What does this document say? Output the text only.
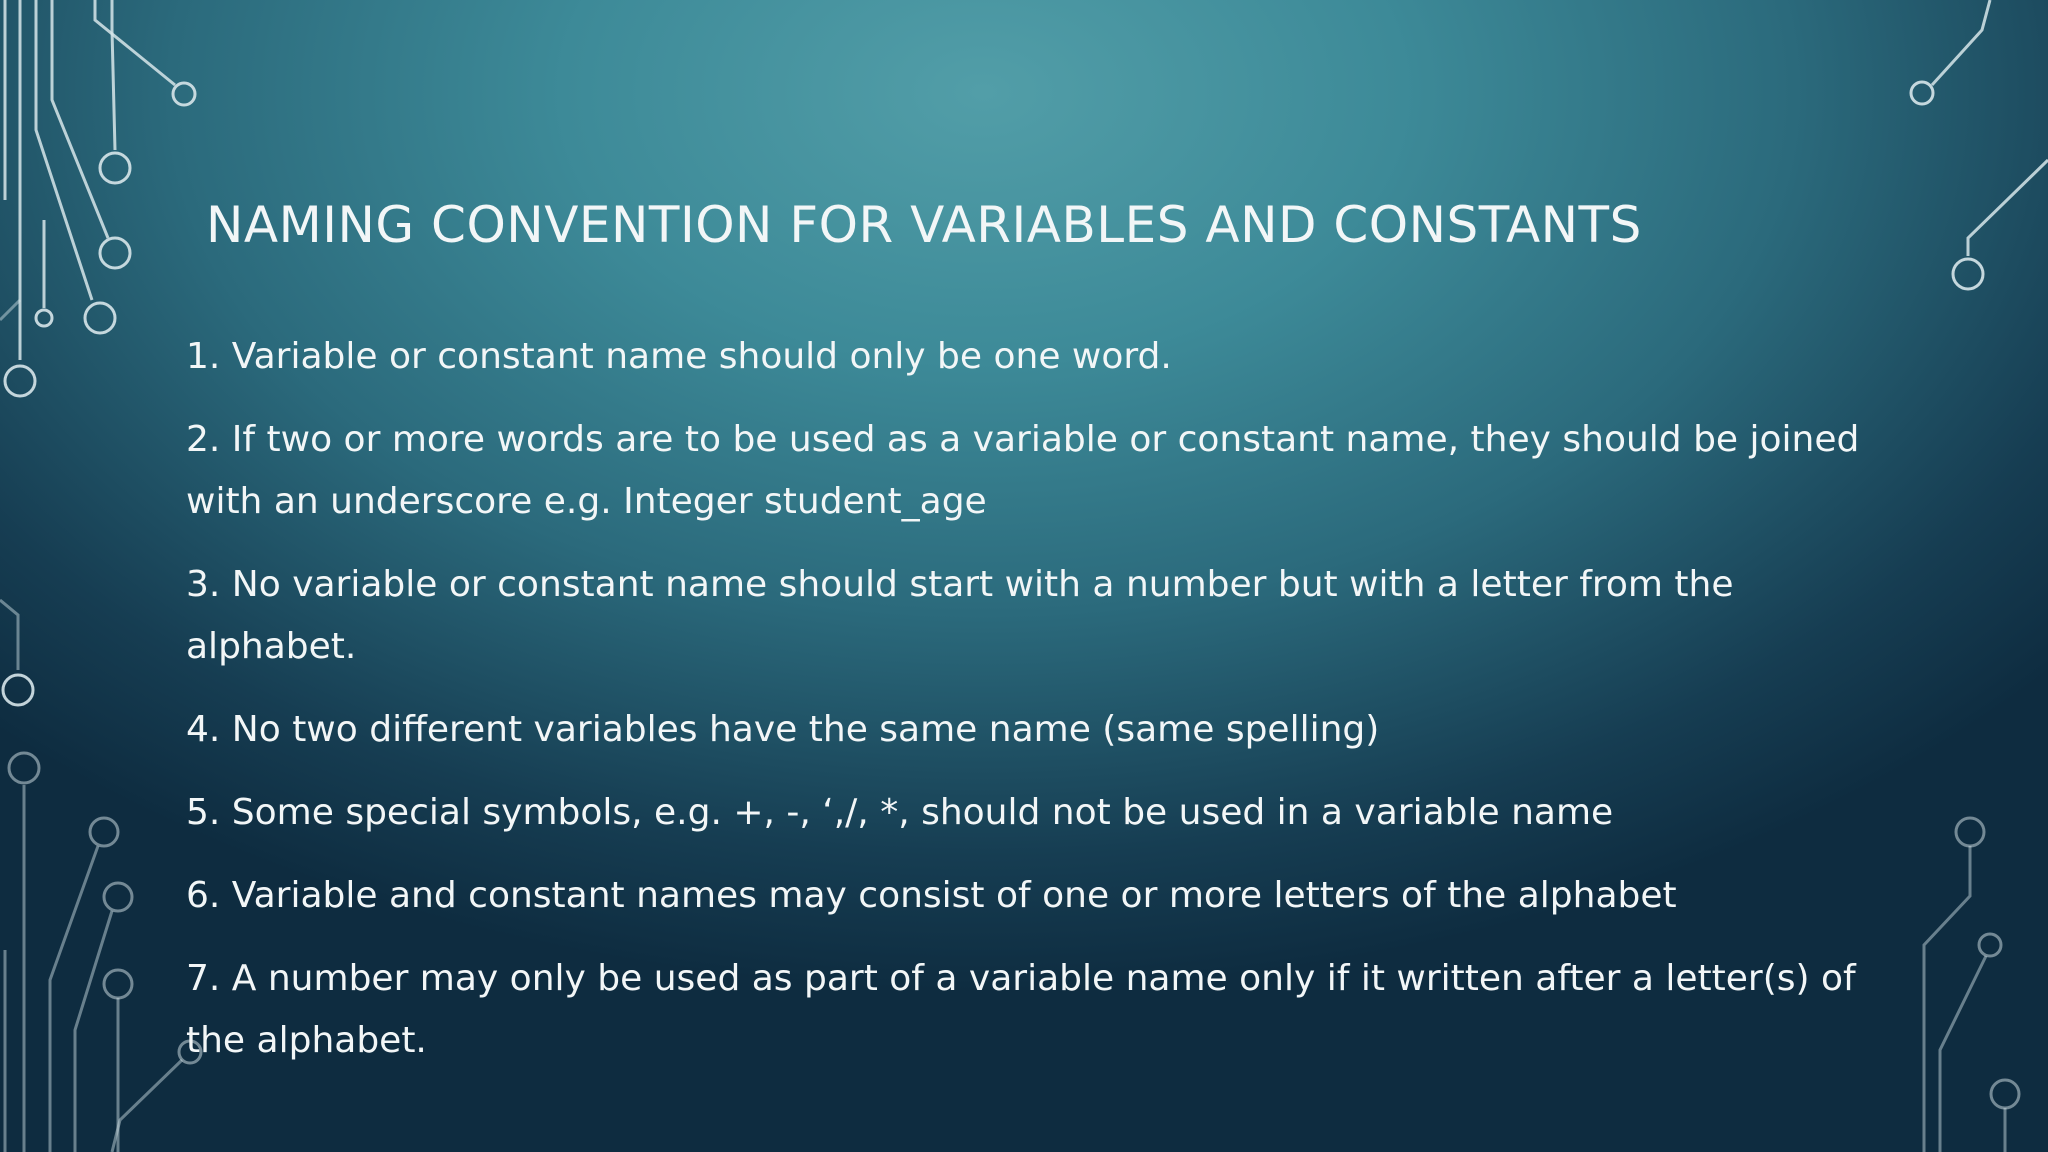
NAMING CONVENTION FOR VARIABLES AND CONSTANTS
1. Variable or constant name should only be one word.
2. If two or more words are to be used as a variable or constant name, they should be joined with an underscore e.g. Integer student_age
3. No variable or constant name should start with a number but with a letter from the alphabet.
4. No two different variables have the same name (same spelling)
5. Some special symbols, e.g. +, -, ‘,/, *, should not be used in a variable name
6. Variable and constant names may consist of one or more letters of the alphabet
7. A number may only be used as part of a variable name only if it written after a letter(s) of the alphabet.
